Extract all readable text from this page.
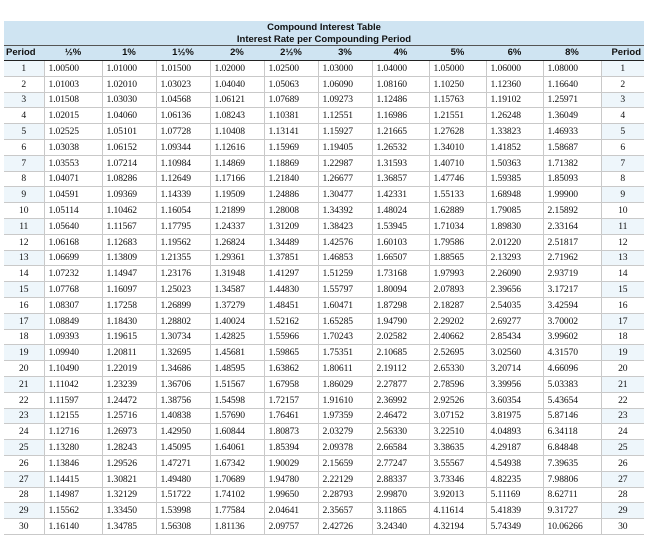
Compound Interest Table											
Interest Rate per Compounding Period											
Period	½%	1%	1½%	2%	2½%	3%	4%	5%	6%	8%	Period
1	1.00500	1.01000	1.01500	1.02000	1.02500	1.03000	1.04000	1.05000	1.06000	1.08000	1
2	1.01003	1.02010	1.03023	1.04040	1.05063	1.06090	1.08160	1.10250	1.12360	1.16640	2
3	1.01508	1.03030	1.04568	1.06121	1.07689	1.09273	1.12486	1.15763	1.19102	1.25971	3
4	1.02015	1.04060	1.06136	1.08243	1.10381	1.12551	1.16986	1.21551	1.26248	1.36049	4
5	1.02525	1.05101	1.07728	1.10408	1.13141	1.15927	1.21665	1.27628	1.33823	1.46933	5
6	1.03038	1.06152	1.09344	1.12616	1.15969	1.19405	1.26532	1.34010	1.41852	1.58687	6
7	1.03553	1.07214	1.10984	1.14869	1.18869	1.22987	1.31593	1.40710	1.50363	1.71382	7
8	1.04071	1.08286	1.12649	1.17166	1.21840	1.26677	1.36857	1.47746	1.59385	1.85093	8
9	1.04591	1.09369	1.14339	1.19509	1.24886	1.30477	1.42331	1.55133	1.68948	1.99900	9
10	1.05114	1.10462	1.16054	1.21899	1.28008	1.34392	1.48024	1.62889	1.79085	2.15892	10
11	1.05640	1.11567	1.17795	1.24337	1.31209	1.38423	1.53945	1.71034	1.89830	2.33164	11
12	1.06168	1.12683	1.19562	1.26824	1.34489	1.42576	1.60103	1.79586	2.01220	2.51817	12
13	1.06699	1.13809	1.21355	1.29361	1.37851	1.46853	1.66507	1.88565	2.13293	2.71962	13
14	1.07232	1.14947	1.23176	1.31948	1.41297	1.51259	1.73168	1.97993	2.26090	2.93719	14
15	1.07768	1.16097	1.25023	1.34587	1.44830	1.55797	1.80094	2.07893	2.39656	3.17217	15
16	1.08307	1.17258	1.26899	1.37279	1.48451	1.60471	1.87298	2.18287	2.54035	3.42594	16
17	1.08849	1.18430	1.28802	1.40024	1.52162	1.65285	1.94790	2.29202	2.69277	3.70002	17
18	1.09393	1.19615	1.30734	1.42825	1.55966	1.70243	2.02582	2.40662	2.85434	3.99602	18
19	1.09940	1.20811	1.32695	1.45681	1.59865	1.75351	2.10685	2.52695	3.02560	4.31570	19
20	1.10490	1.22019	1.34686	1.48595	1.63862	1.80611	2.19112	2.65330	3.20714	4.66096	20
21	1.11042	1.23239	1.36706	1.51567	1.67958	1.86029	2.27877	2.78596	3.39956	5.03383	21
22	1.11597	1.24472	1.38756	1.54598	1.72157	1.91610	2.36992	2.92526	3.60354	5.43654	22
23	1.12155	1.25716	1.40838	1.57690	1.76461	1.97359	2.46472	3.07152	3.81975	5.87146	23
24	1.12716	1.26973	1.42950	1.60844	1.80873	2.03279	2.56330	3.22510	4.04893	6.34118	24
25	1.13280	1.28243	1.45095	1.64061	1.85394	2.09378	2.66584	3.38635	4.29187	6.84848	25
26	1.13846	1.29526	1.47271	1.67342	1.90029	2.15659	2.77247	3.55567	4.54938	7.39635	26
27	1.14415	1.30821	1.49480	1.70689	1.94780	2.22129	2.88337	3.73346	4.82235	7.98806	27
28	1.14987	1.32129	1.51722	1.74102	1.99650	2.28793	2.99870	3.92013	5.11169	8.62711	28
29	1.15562	1.33450	1.53998	1.77584	2.04641	2.35657	3.11865	4.11614	5.41839	9.31727	29
30	1.16140	1.34785	1.56308	1.81136	2.09757	2.42726	3.24340	4.32194	5.74349	10.06266	30
